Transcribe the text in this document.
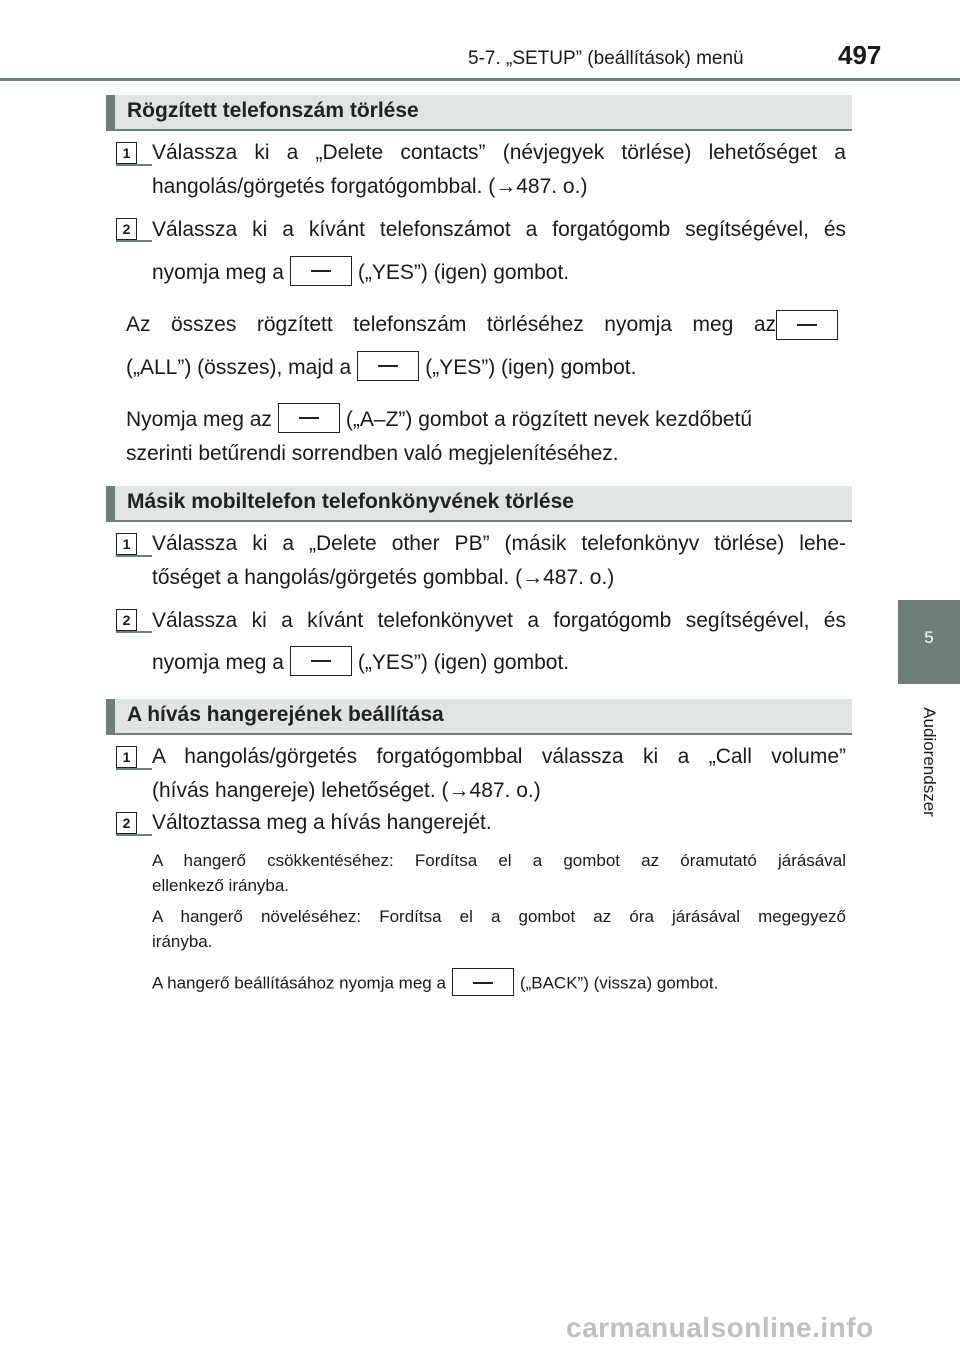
5-7. „SETUP” (beállítások) menü	497
5
Audiorendszer
Rögzített telefonszám törlése
1	Válassza ki a „Delete contacts” (névjegyek törlése) lehetőséget a
hangolás/görgetés forgatógombbal. (→487. o.)
2	Válassza ki a kívánt telefonszámot a forgatógomb segítségével, és
nyomja meg a	(„YES”) (igen) gombot.
Az összes rögzített telefonszám törléséhez nyomja meg az
(„ALL”) (összes), majd a	(„YES”) (igen) gombot.
Nyomja meg az	(„A–Z”) gombot a rögzített nevek kezdőbetű
szerinti betűrendi sorrendben való megjelenítéséhez.
Másik mobiltelefon telefonkönyvének törlése
1	Válassza ki a „Delete other PB” (másik telefonkönyv törlése) lehe-
tőséget a hangolás/görgetés gombbal. (→487. o.)
2	Válassza ki a kívánt telefonkönyvet a forgatógomb segítségével, és
nyomja meg a	(„YES”) (igen) gombot.
A hívás hangerejének beállítása
1	A hangolás/görgetés forgatógombbal válassza ki a „Call volume”
(hívás hangereje) lehetőséget. (→487. o.)
2	Változtassa meg a hívás hangerejét.
A hangerő csökkentéséhez: Fordítsa el a gombot az óramutató járásával
ellenkező irányba.
A hangerő növeléséhez: Fordítsa el a gombot az óra járásával megegyező
irányba.
A hangerő beállításához nyomja meg a	(„BACK”) (vissza) gombot.
carmanualsonline.info
